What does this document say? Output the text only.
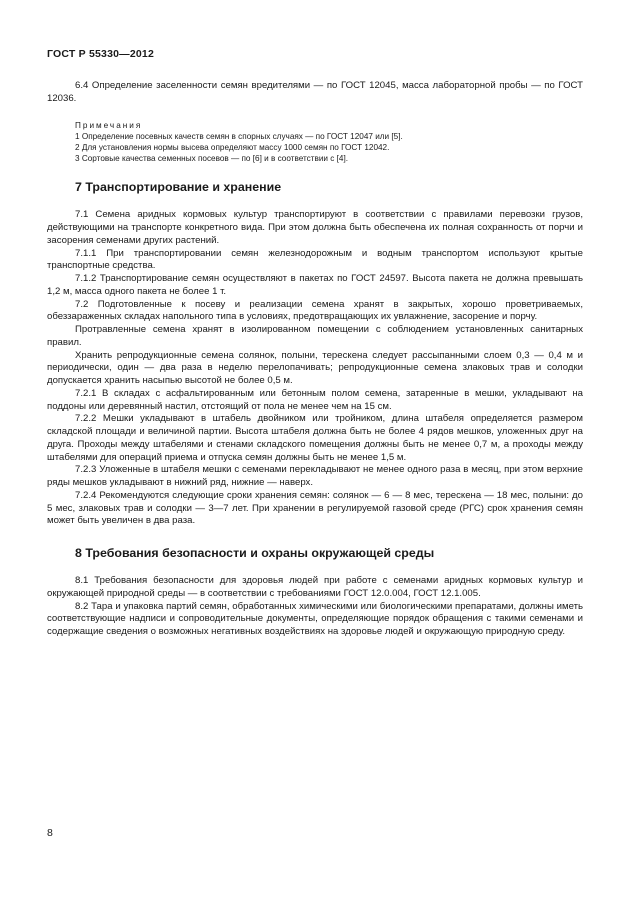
ГОСТ Р 55330—2012

6.4 Определение заселенности семян вредителями — по ГОСТ 12045, масса лабораторной пробы — по ГОСТ 12036.

Примечания
1 Определение посевных качеств семян в спорных случаях — по ГОСТ 12047 или [5].
2 Для установления нормы высева определяют массу 1000 семян по ГОСТ 12042.
3 Сортовые качества семенных посевов — по [6] и в соответствии с [4].
7 Транспортирование и хранение

7.1 Семена аридных кормовых культур транспортируют в соответствии с правилами перевозки грузов, действующими на транспорте конкретного вида. При этом должна быть обеспечена их полная сохранность от порчи и засорения семенами других растений.

7.1.1 При транспортировании семян железнодорожным и водным транспортом используют крытые транспортные средства.

7.1.2 Транспортирование семян осуществляют в пакетах по ГОСТ 24597. Высота пакета не должна превышать 1,2 м, масса одного пакета не более 1 т.

7.2 Подготовленные к посеву и реализации семена хранят в закрытых, хорошо проветриваемых, обеззараженных складах напольного типа в условиях, предотвращающих их увлажнение, засорение и порчу.

Протравленные семена хранят в изолированном помещении с соблюдением установленных санитарных правил.

Хранить репродукционные семена солянок, полыни, терескена следует рассыпанными слоем 0,3 — 0,4 м и периодически, один — два раза в неделю перелопачивать; репродукционные семена злаковых трав и солодки допускается хранить насыпью высотой не более 0,5 м.

7.2.1 В складах с асфальтированным или бетонным полом семена, затаренные в мешки, укладывают на поддоны или деревянный настил, отстоящий от пола не менее чем на 15 см.

7.2.2 Мешки укладывают в штабель двойником или тройником, длина штабеля определяется размером складской площади и величиной партии. Высота штабеля должна быть не более 4 рядов мешков, уложенных друг на друга. Проходы между штабелями и стенами складского помещения должны быть не менее 0,7 м, а проходы между штабелями для операций приема и отпуска семян должны быть не менее 1,5 м.

7.2.3 Уложенные в штабеля мешки с семенами перекладывают не менее одного раза в месяц, при этом верхние ряды мешков укладывают в нижний ряд, нижние — наверх.

7.2.4 Рекомендуются следующие сроки хранения семян: солянок — 6 — 8 мес, терескена — 18 мес, полыни: до 5 мес, злаковых трав и солодки — 3—7 лет. При хранении в регулируемой газовой среде (РГС) срок хранения семян может быть увеличен в два раза.

8 Требования безопасности и охраны окружающей среды

8.1 Требования безопасности для здоровья людей при работе с семенами аридных кормовых культур и окружающей природной среды — в соответствии с требованиями ГОСТ 12.0.004, ГОСТ 12.1.005.

8.2 Тара и упаковка партий семян, обработанных химическими или биологическими препаратами, должны иметь соответствующие надписи и сопроводительные документы, определяющие порядок обращения с такими семенами и содержащие сведения о возможных негативных воздействиях на здоровье людей и окружающую природную среду.

8
